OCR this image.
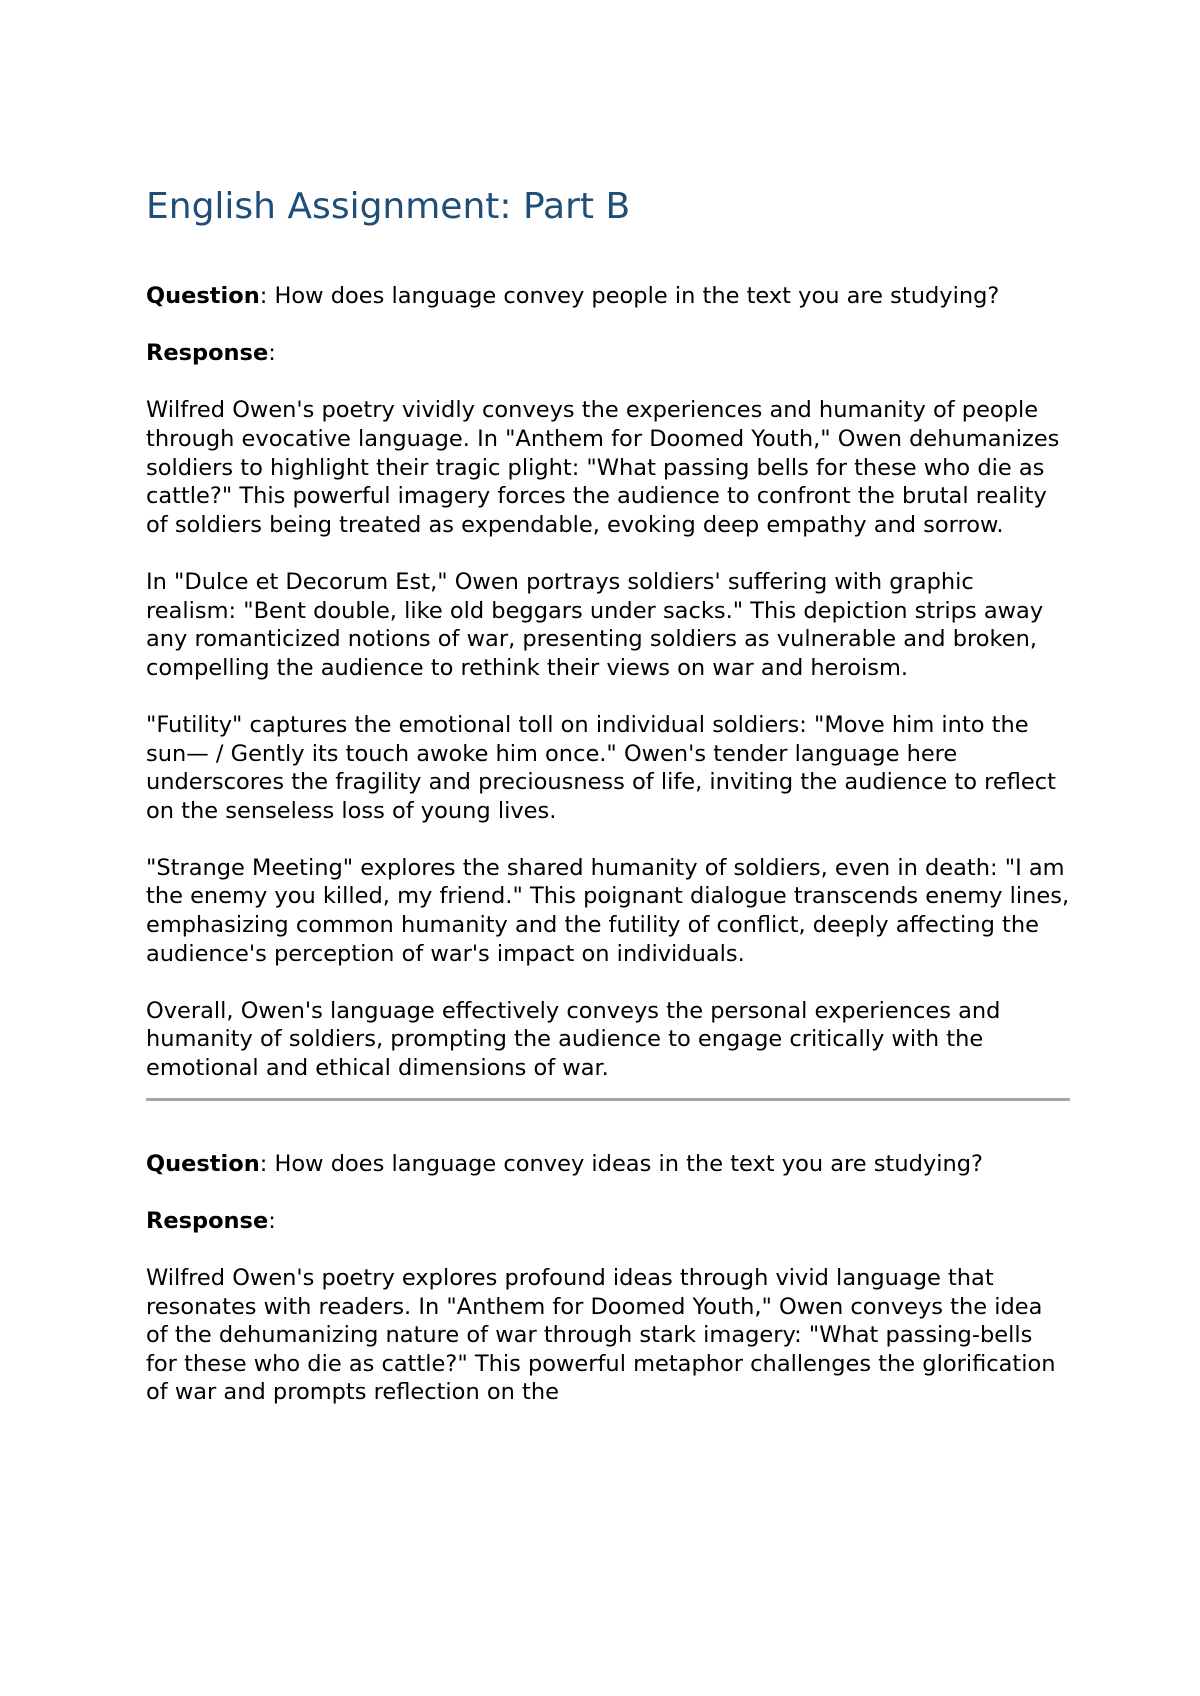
English Assignment: Part B

Question: How does language convey people in the text you are studying?

Response:

Wilfred Owen's poetry vividly conveys the experiences and humanity of people through evocative language. In "Anthem for Doomed Youth," Owen dehumanizes soldiers to highlight their tragic plight: "What passing bells for these who die as cattle?" This powerful imagery forces the audience to confront the brutal reality of soldiers being treated as expendable, evoking deep empathy and sorrow.

In "Dulce et Decorum Est," Owen portrays soldiers' suffering with graphic realism: "Bent double, like old beggars under sacks." This depiction strips away any romanticized notions of war, presenting soldiers as vulnerable and broken, compelling the audience to rethink their views on war and heroism.

"Futility" captures the emotional toll on individual soldiers: "Move him into the sun— / Gently its touch awoke him once." Owen's tender language here underscores the fragility and preciousness of life, inviting the audience to reflect on the senseless loss of young lives.

"Strange Meeting" explores the shared humanity of soldiers, even in death: "I am the enemy you killed, my friend." This poignant dialogue transcends enemy lines, emphasizing common humanity and the futility of conflict, deeply affecting the audience's perception of war's impact on individuals.

Overall, Owen's language effectively conveys the personal experiences and humanity of soldiers, prompting the audience to engage critically with the emotional and ethical dimensions of war.

Question: How does language convey ideas in the text you are studying?

Response:

Wilfred Owen's poetry explores profound ideas through vivid language that resonates with readers. In "Anthem for Doomed Youth," Owen conveys the idea of the dehumanizing nature of war through stark imagery: "What passing-bells for these who die as cattle?" This powerful metaphor challenges the glorification of war and prompts reflection on the
